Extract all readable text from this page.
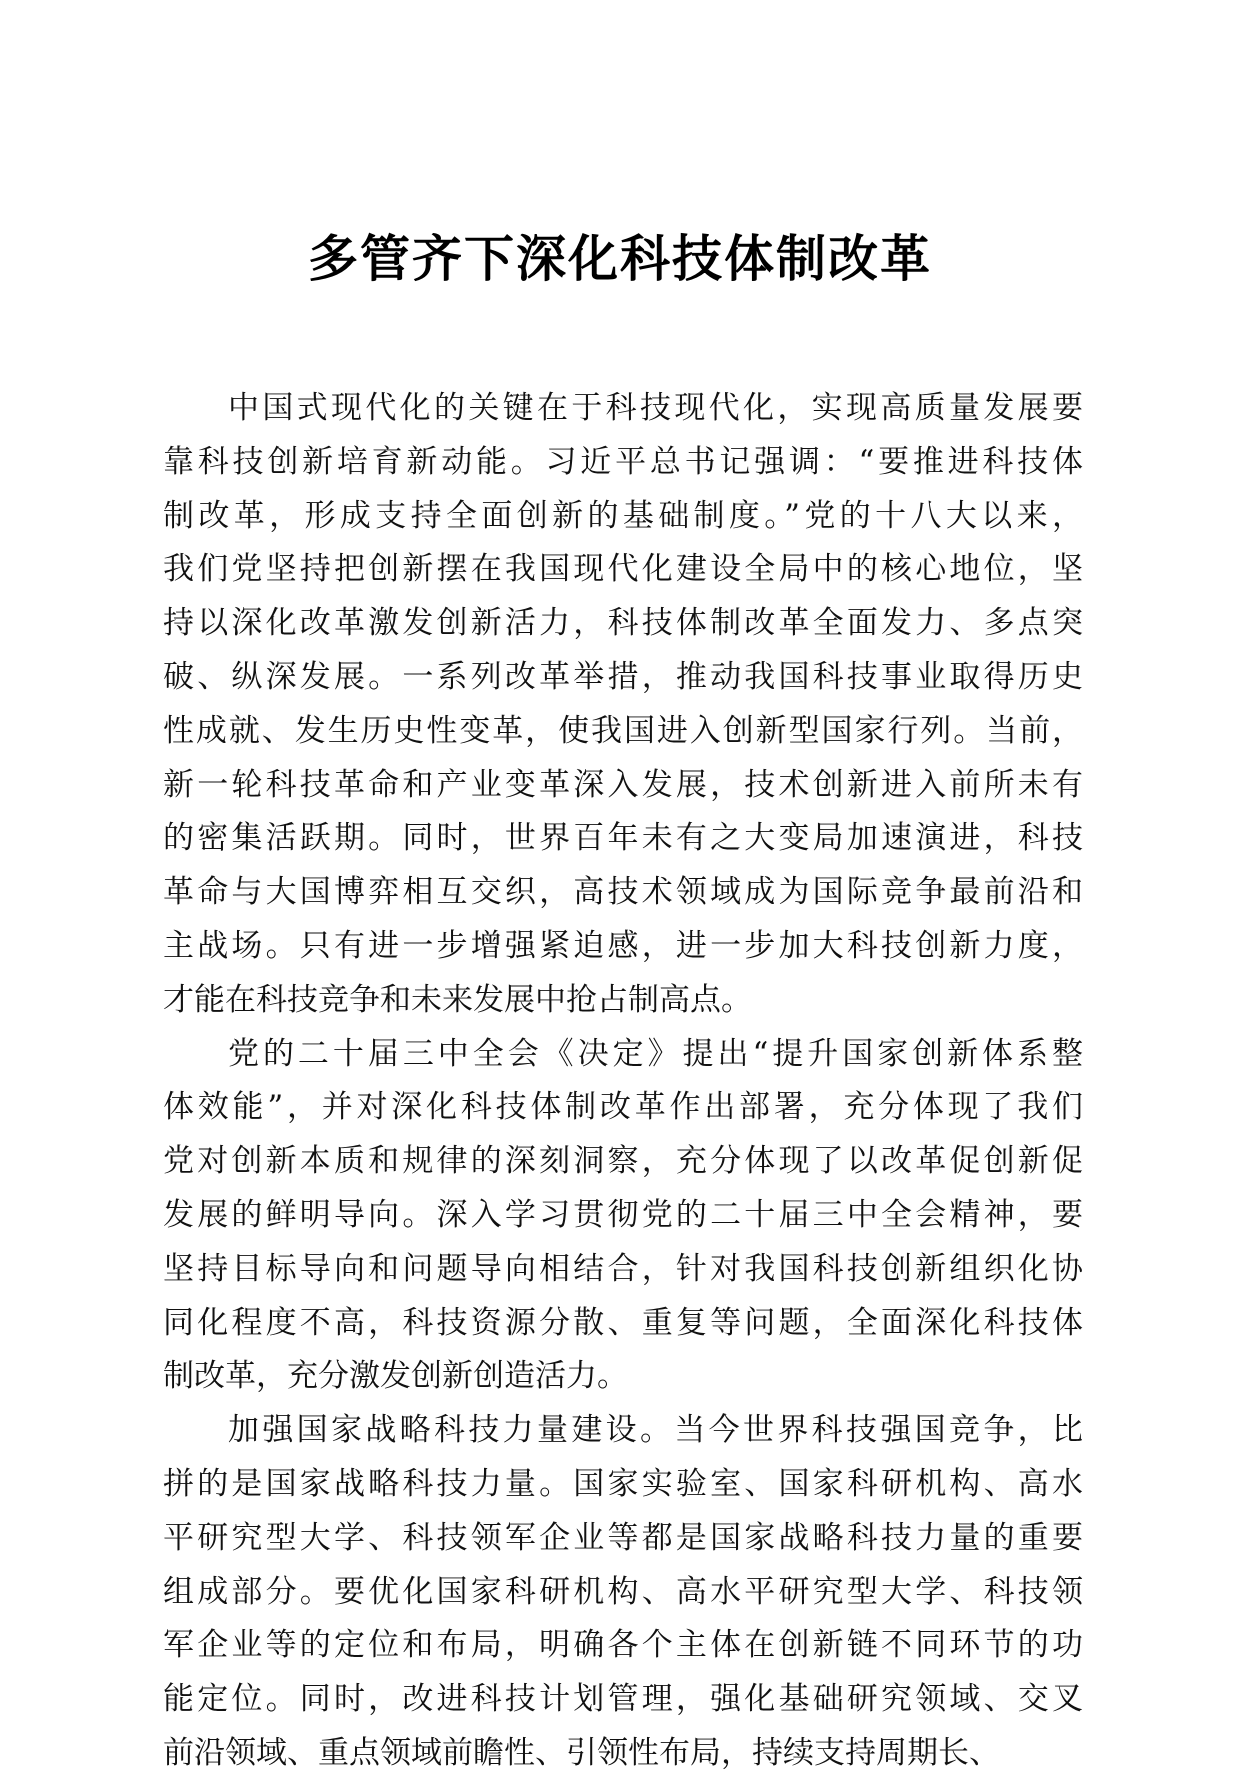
多管齐下深化科技体制改革
中国式现代化的关键在于科技现代化，实现高质量发展要
靠科技创新培育新动能。习近平总书记强调：“要推进科技体
制改革，形成支持全面创新的基础制度。”党的十八大以来，
我们党坚持把创新摆在我国现代化建设全局中的核心地位，坚
持以深化改革激发创新活力，科技体制改革全面发力、多点突
破、纵深发展。一系列改革举措，推动我国科技事业取得历史
性成就、发生历史性变革，使我国进入创新型国家行列。当前，
新一轮科技革命和产业变革深入发展，技术创新进入前所未有
的密集活跃期。同时，世界百年未有之大变局加速演进，科技
革命与大国博弈相互交织，高技术领域成为国际竞争最前沿和
主战场。只有进一步增强紧迫感，进一步加大科技创新力度，
才能在科技竞争和未来发展中抢占制高点。
党的二十届三中全会《决定》提出“提升国家创新体系整
体效能”，并对深化科技体制改革作出部署，充分体现了我们
党对创新本质和规律的深刻洞察，充分体现了以改革促创新促
发展的鲜明导向。深入学习贯彻党的二十届三中全会精神，要
坚持目标导向和问题导向相结合，针对我国科技创新组织化协
同化程度不高，科技资源分散、重复等问题，全面深化科技体
制改革，充分激发创新创造活力。
加强国家战略科技力量建设。当今世界科技强国竞争，比
拼的是国家战略科技力量。国家实验室、国家科研机构、高水
平研究型大学、科技领军企业等都是国家战略科技力量的重要
组成部分。要优化国家科研机构、高水平研究型大学、科技领
军企业等的定位和布局，明确各个主体在创新链不同环节的功
能定位。同时，改进科技计划管理，强化基础研究领域、交叉
前沿领域、重点领域前瞻性、引领性布局，持续支持周期长、
